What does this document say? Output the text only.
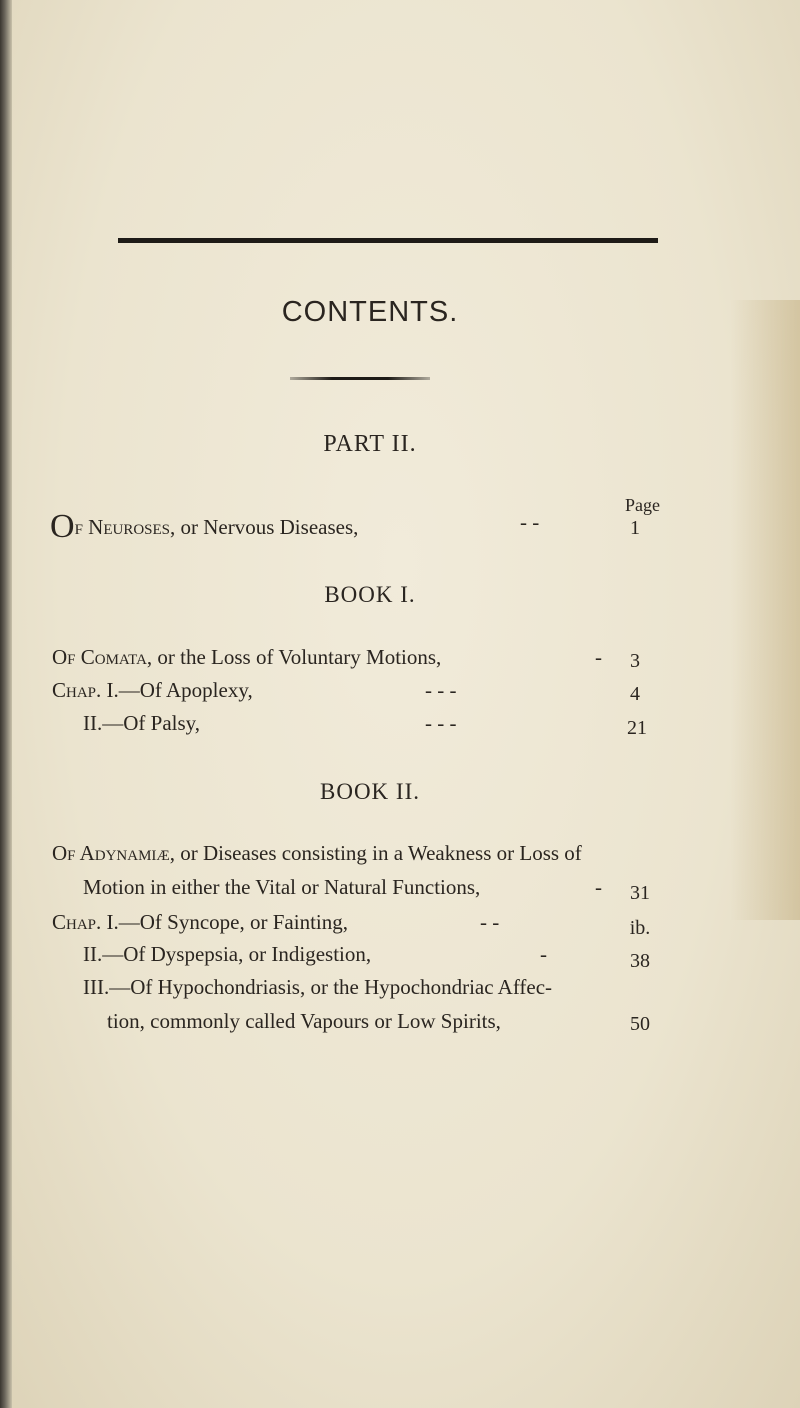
CONTENTS.
PART II.
Page
Of Neuroses, or Nervous Diseases,	- -	1
BOOK I.
Of Comata, or the Loss of Voluntary Motions,	-	3
Chap. I.—Of Apoplexy,	- - -	4
II.—Of Palsy,	- - -	21
BOOK II.
Of Adynamiæ, or Diseases consisting in a Weakness or Loss of
Motion in either the Vital or Natural Functions,	-	31
Chap. I.—Of Syncope, or Fainting,	- -	ib.
II.—Of Dyspepsia, or Indigestion,	-	38
III.—Of Hypochondriasis, or the Hypochondriac Affec-
tion, commonly called Vapours or Low Spirits,	50
